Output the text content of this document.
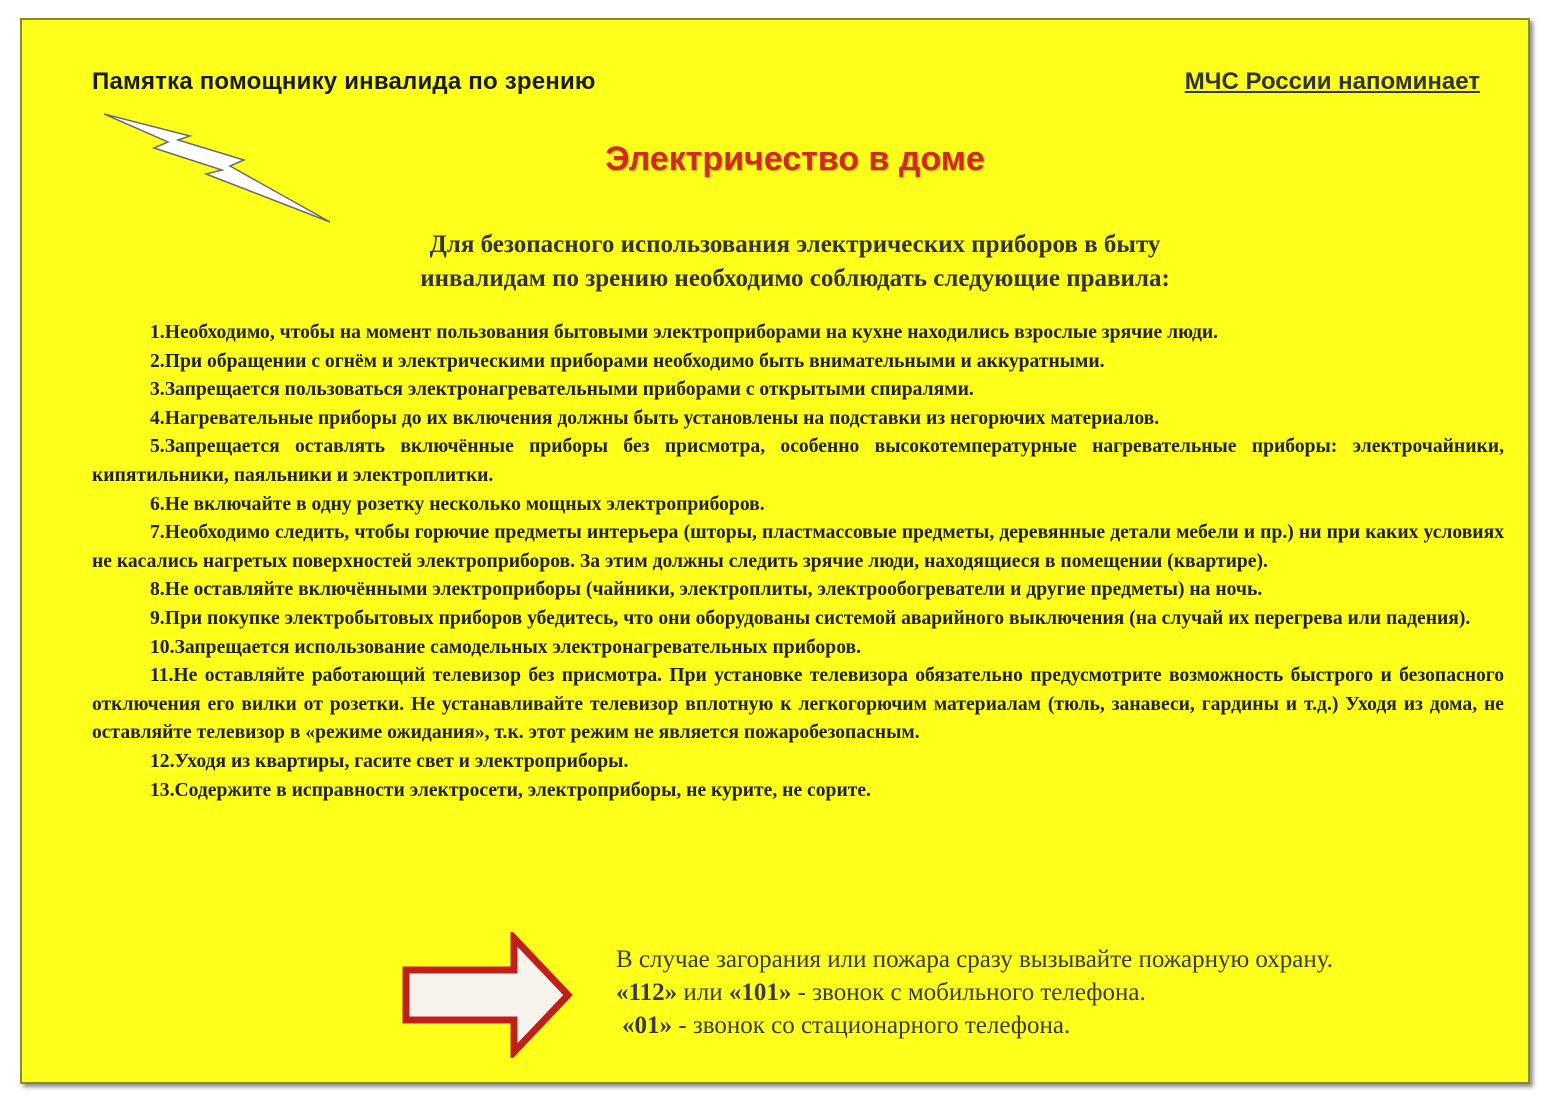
Памятка помощнику инвалида по зрению	МЧС России напоминает
Электричество в доме
Для безопасного использования электрических приборов в быту
инвалидам по зрению необходимо соблюдать следующие правила:

1.Необходимо, чтобы на момент пользования бытовыми электроприборами на кухне находились взрослые зрячие люди.

2.При обращении с огнём и электрическими приборами необходимо быть внимательными и аккуратными.

3.Запрещается пользоваться электронагревательными приборами с открытыми спиралями.

4.Нагревательные приборы до их включения должны быть установлены на подставки из негорючих материалов.

5.Запрещается оставлять включённые приборы без присмотра, особенно высокотемпературные нагревательные приборы: электрочайники, кипятильники, паяльники и электроплитки.

6.Не включайте в одну розетку несколько мощных электроприборов.

7.Необходимо следить, чтобы горючие предметы интерьера (шторы, пластмассовые предметы, деревянные детали мебели и пр.) ни при каких условиях не касались нагретых поверхностей электроприборов. За этим должны следить зрячие люди, находящиеся в помещении (квартире).

8.Не оставляйте включёнными электроприборы (чайники, электроплиты, электрообогреватели и другие предметы) на ночь.

9.При покупке электробытовых приборов убедитесь, что они оборудованы системой аварийного выключения (на случай их перегрева или падения).

10.Запрещается использование самодельных электронагревательных приборов.

11.Не оставляйте работающий телевизор без присмотра. При установке телевизора обязательно предусмотрите возможность быстрого и безопасного отключения его вилки от розетки. Не устанавливайте телевизор вплотную к легкогорючим материалам (тюль, занавеси, гардины и т.д.) Уходя из дома, не оставляйте телевизор в «режиме ожидания», т.к. этот режим не является пожаробезопасным.

12.Уходя из квартиры, гасите свет и электроприборы.

13.Содержите в исправности электросети, электроприборы, не курите, не сорите.

В случае загорания или пожара сразу вызывайте пожарную охрану.
«112» или «101» - звонок с мобильного телефона.
«01» - звонок со стационарного телефона.
